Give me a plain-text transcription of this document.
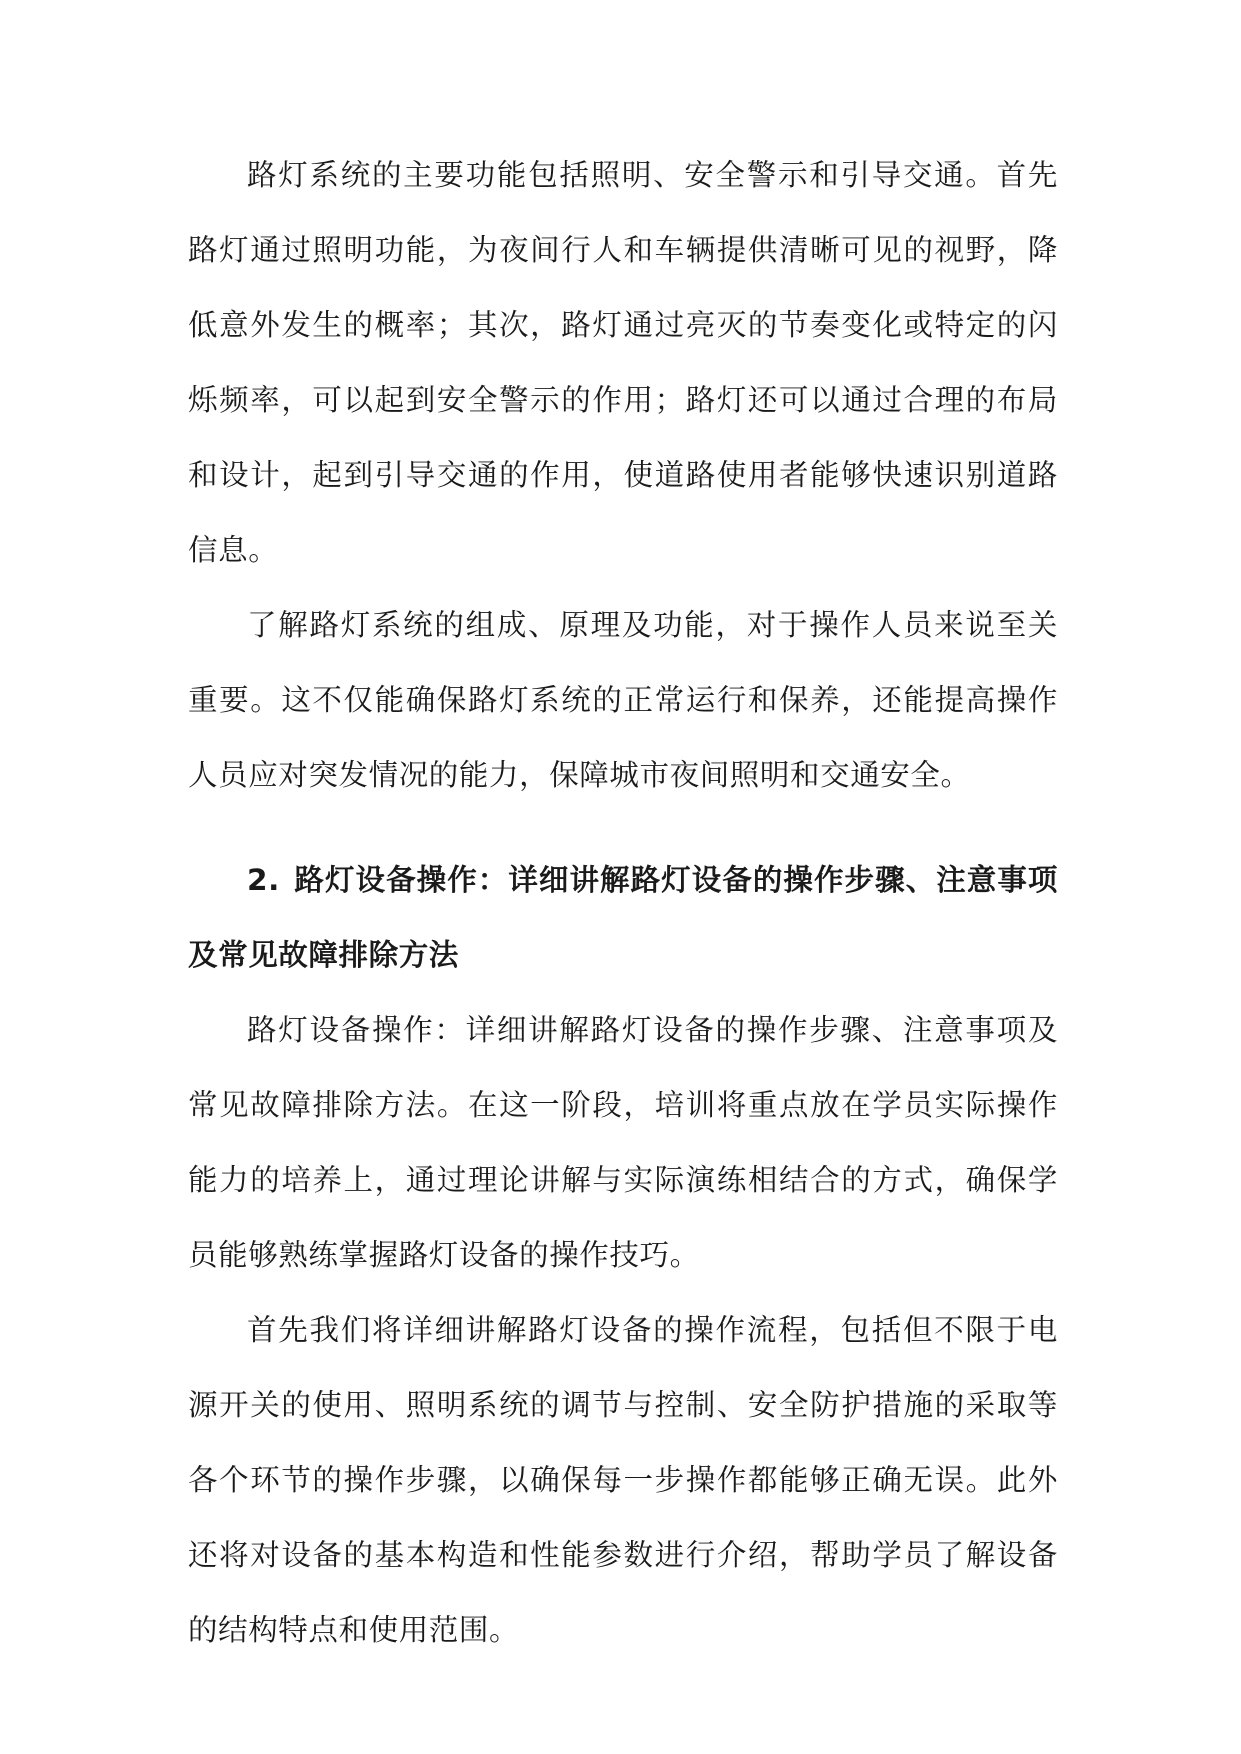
路灯系统的主要功能包括照明、安全警示和引导交通。首先路灯通过照明功能，为夜间行人和车辆提供清晰可见的视野，降低意外发生的概率；其次，路灯通过亮灭的节奏变化或特定的闪烁频率，可以起到安全警示的作用；路灯还可以通过合理的布局和设计，起到引导交通的作用，使道路使用者能够快速识别道路信息。

了解路灯系统的组成、原理及功能，对于操作人员来说至关重要。这不仅能确保路灯系统的正常运行和保养，还能提高操作人员应对突发情况的能力，保障城市夜间照明和交通安全。

2. 路灯设备操作：详细讲解路灯设备的操作步骤、注意事项及常见故障排除方法

路灯设备操作：详细讲解路灯设备的操作步骤、注意事项及常见故障排除方法。在这一阶段，培训将重点放在学员实际操作能力的培养上，通过理论讲解与实际演练相结合的方式，确保学员能够熟练掌握路灯设备的操作技巧。

首先我们将详细讲解路灯设备的操作流程，包括但不限于电源开关的使用、照明系统的调节与控制、安全防护措施的采取等各个环节的操作步骤，以确保每一步操作都能够正确无误。此外还将对设备的基本构造和性能参数进行介绍，帮助学员了解设备的结构特点和使用范围。
